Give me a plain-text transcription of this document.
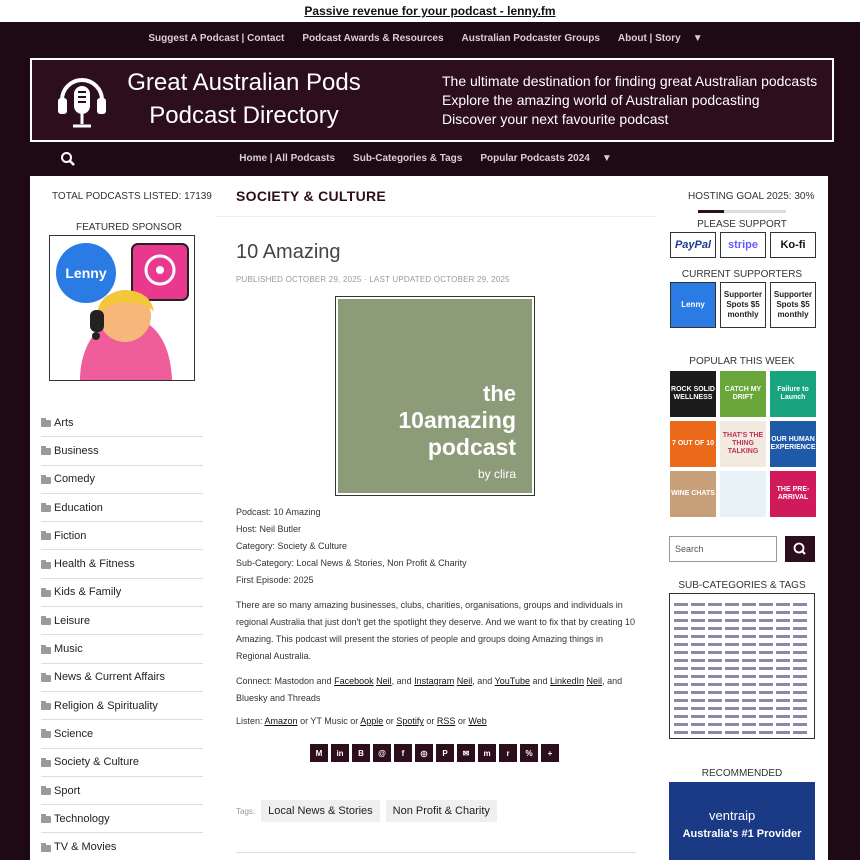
Passive revenue for your podcast - lenny.fm
Suggest A Podcast | Contact	Podcast Awards & Resources	Australian Podcaster Groups	About | Story ▼
Great Australian Pods
Podcast Directory
The ultimate destination for finding great Australian podcasts
Explore the amazing world of Australian podcasting
Discover your next favourite podcast
Home | All Podcasts	Sub-Categories & Tags	Popular Podcasts 2024 ▼
TOTAL PODCASTS LISTED: 17139
FEATURED SPONSOR
Lenny
Arts
Business
Comedy
Education
Fiction
Health & Fitness
Kids & Family
Leisure
Music
News & Current Affairs
Religion & Spirituality
Science
Society & Culture
Sport
Technology
TV & Movies
SOCIETY & CULTURE
10 Amazing
PUBLISHED OCTOBER 29, 2025 · LAST UPDATED OCTOBER 29, 2025
the
10amazing
podcast
by clira
Podcast: 10 Amazing
Host: Neil Butler
Category: Society & Culture
Sub-Category: Local News & Stories, Non Profit & Charity
First Episode: 2025
There are so many amazing businesses, clubs, charities, organisations, groups and individuals in regional Australia that just don't get the spotlight they deserve. And we want to fix that by creating 10 Amazing. This podcast will present the stories of people and groups doing Amazing things in Regional Australia.
Connect: Mastodon and Facebook Neil, and Instagram Neil, and YouTube and LinkedIn Neil, and Bluesky and Threads
Listen: Amazon or YT Music or Apple or Spotify or RSS or Web
M	in	B	@	f	◎	P	✉	m	r	%	+
Tags:	Local News & Stories	Non Profit & Charity
HOSTING GOAL 2025: 30%
PLEASE SUPPORT
PayPal	stripe	Ko-fi
CURRENT SUPPORTERS
Lenny
Supporter Spots $5 monthly
Supporter Spots $5 monthly
POPULAR THIS WEEK
ROCK SOLID WELLNESS
CATCH MY DRIFT
Failure to Launch
7 OUT OF 10
THAT'S THE THING TALKING
OUR HUMAN EXPERIENCE
WINE CHATS
THE PRE-ARRIVAL
Search
SUB-CATEGORIES & TAGS
RECOMMENDED
ventraip
Australia's #1 Provider
